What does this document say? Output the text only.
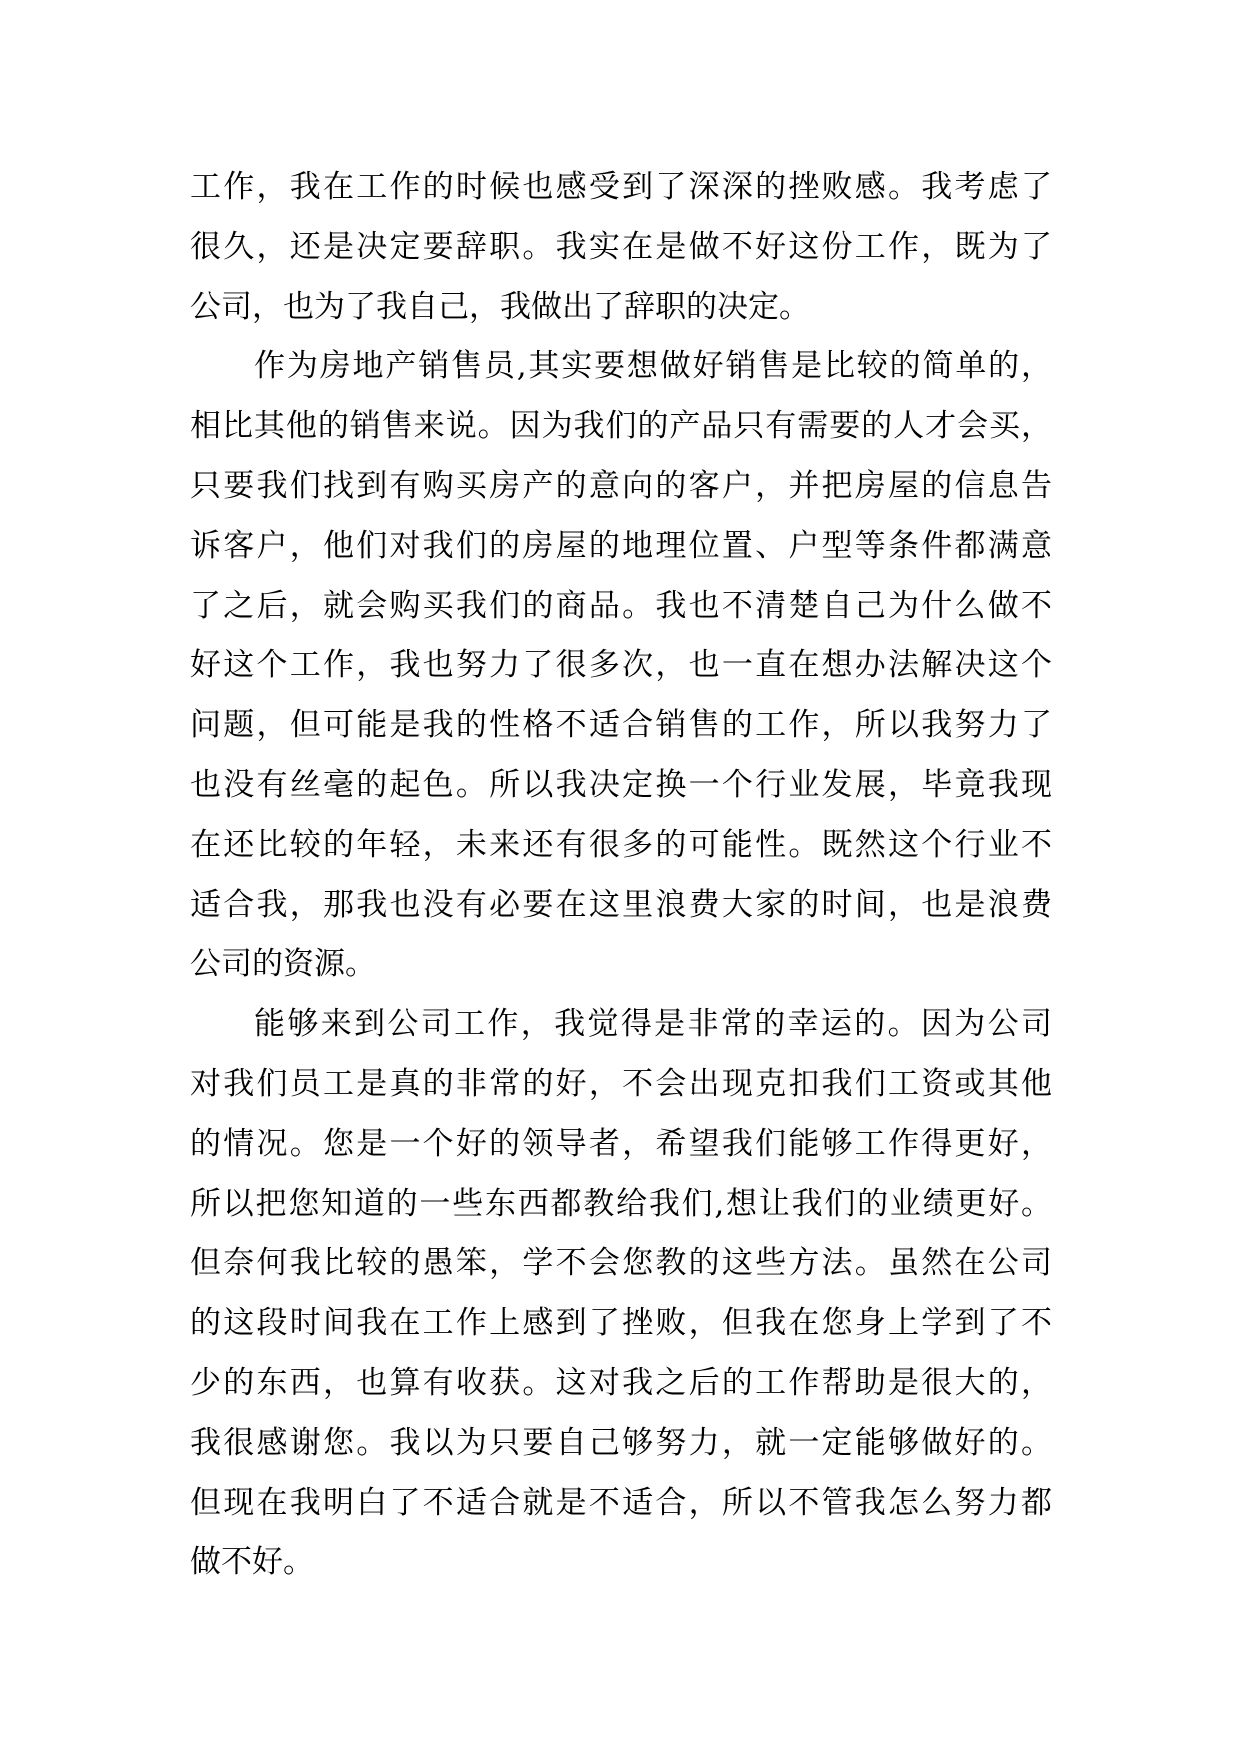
工作，我在工作的时候也感受到了深深的挫败感。我考虑了
很久，还是决定要辞职。我实在是做不好这份工作，既为了
公司，也为了我自己，我做出了辞职的决定。
作为房地产销售员,其实要想做好销售是比较的简单的，
相比其他的销售来说。因为我们的产品只有需要的人才会买，
只要我们找到有购买房产的意向的客户，并把房屋的信息告
诉客户，他们对我们的房屋的地理位置、户型等条件都满意
了之后，就会购买我们的商品。我也不清楚自己为什么做不
好这个工作，我也努力了很多次，也一直在想办法解决这个
问题，但可能是我的性格不适合销售的工作，所以我努力了
也没有丝毫的起色。所以我决定换一个行业发展，毕竟我现
在还比较的年轻，未来还有很多的可能性。既然这个行业不
适合我，那我也没有必要在这里浪费大家的时间，也是浪费
公司的资源。
能够来到公司工作，我觉得是非常的幸运的。因为公司
对我们员工是真的非常的好，不会出现克扣我们工资或其他
的情况。您是一个好的领导者，希望我们能够工作得更好，
所以把您知道的一些东西都教给我们,想让我们的业绩更好。
但奈何我比较的愚笨，学不会您教的这些方法。虽然在公司
的这段时间我在工作上感到了挫败，但我在您身上学到了不
少的东西，也算有收获。这对我之后的工作帮助是很大的，
我很感谢您。我以为只要自己够努力，就一定能够做好的。
但现在我明白了不适合就是不适合，所以不管我怎么努力都
做不好。
